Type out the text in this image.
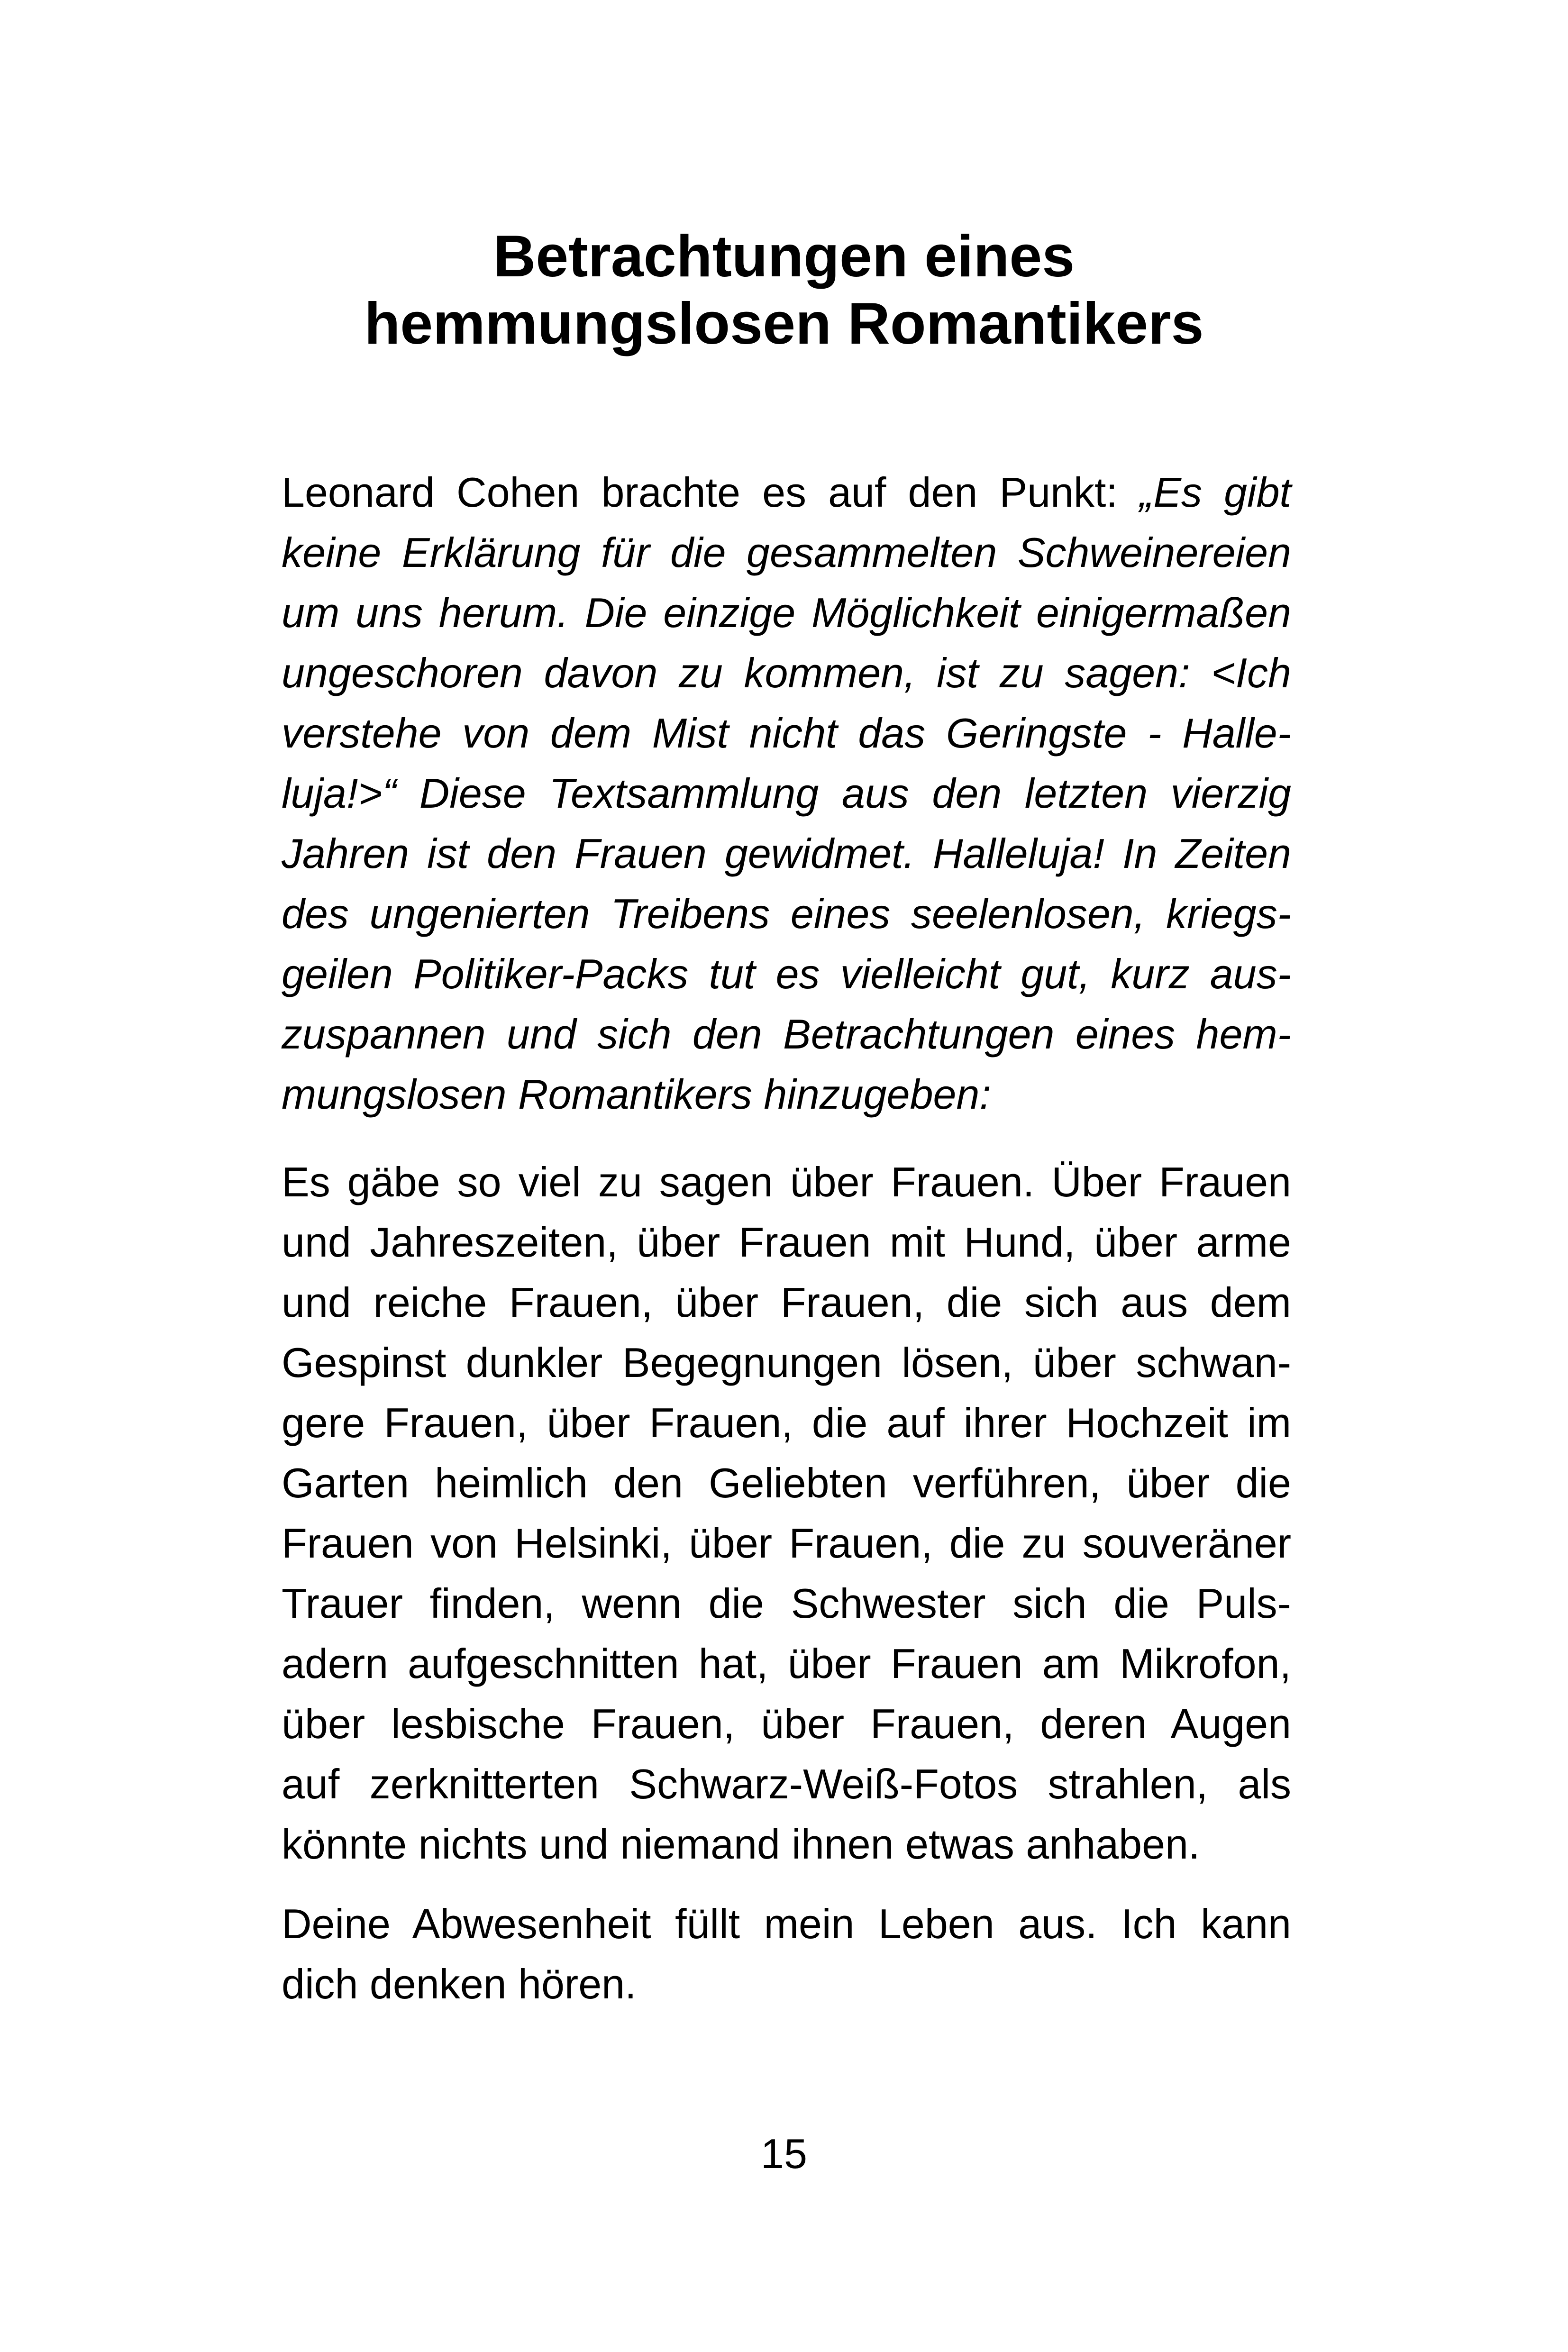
Betrachtungen eines
hemmungslosen Romantikers
Leonard Cohen brachte es auf den Punkt: „Es gibt
keine Erklärung für die gesammelten Schweinereien
um uns herum. Die einzige Möglichkeit einigermaßen
ungeschoren davon zu kommen, ist zu sagen: <Ich
verstehe von dem Mist nicht das Geringste - Halle-
luja!>“ Diese Textsammlung aus den letzten vierzig
Jahren ist den Frauen gewidmet. Halleluja! In Zeiten
des ungenierten Treibens eines seelenlosen, kriegs-
geilen Politiker-Packs tut es vielleicht gut, kurz aus-
zuspannen und sich den Betrachtungen eines hem-
mungslosen Romantikers hinzugeben:
Es gäbe so viel zu sagen über Frauen. Über Frauen
und Jahreszeiten, über Frauen mit Hund, über arme
und reiche Frauen, über Frauen, die sich aus dem
Gespinst dunkler Begegnungen lösen, über schwan-
gere Frauen, über Frauen, die auf ihrer Hochzeit im
Garten heimlich den Geliebten verführen, über die
Frauen von Helsinki, über Frauen, die zu souveräner
Trauer finden, wenn die Schwester sich die Puls-
adern aufgeschnitten hat, über Frauen am Mikrofon,
über lesbische Frauen, über Frauen, deren Augen
auf zerknitterten Schwarz-Weiß-Fotos strahlen, als
könnte nichts und niemand ihnen etwas anhaben.
Deine Abwesenheit füllt mein Leben aus. Ich kann
dich denken hören.
15
